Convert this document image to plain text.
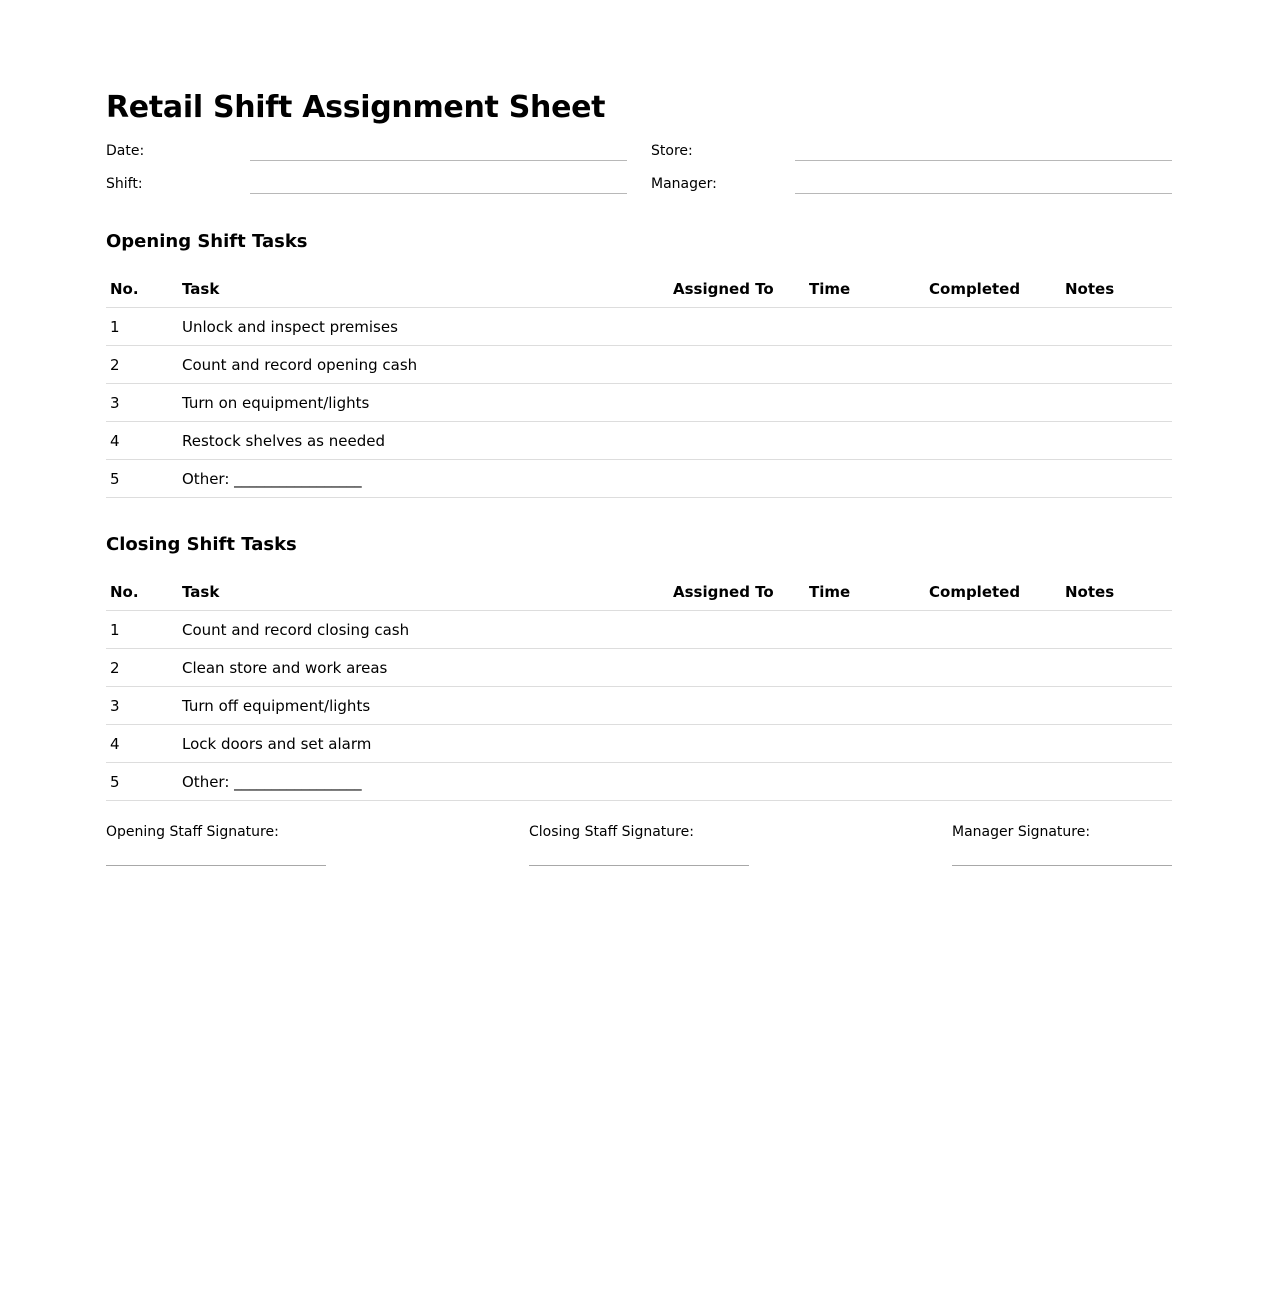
Retail Shift Assignment Sheet
Date:	Store:
Shift:	Manager:
Opening Shift Tasks
No.	Task	Assigned To	Time	Completed	Notes
1	Unlock and inspect premises				
2	Count and record opening cash				
3	Turn on equipment/lights				
4	Restock shelves as needed				
5	Other: _________________				
Closing Shift Tasks
No.	Task	Assigned To	Time	Completed	Notes
1	Count and record closing cash				
2	Clean store and work areas				
3	Turn off equipment/lights				
4	Lock doors and set alarm				
5	Other: _________________				
Opening Staff Signature:	Closing Staff Signature:	Manager Signature:
